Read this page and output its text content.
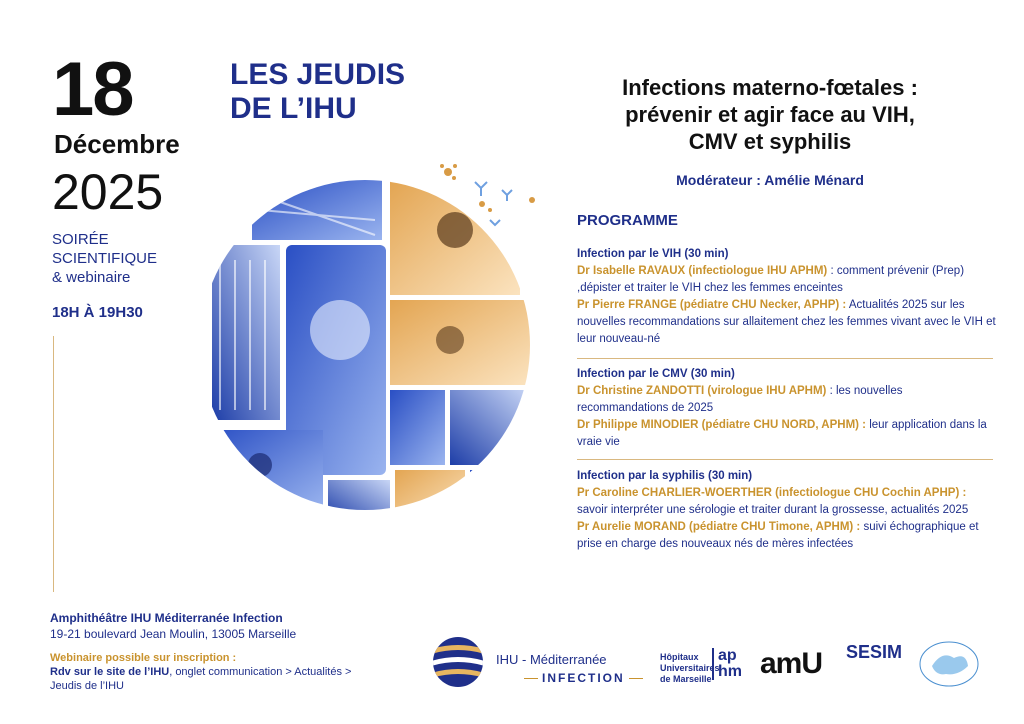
18
Décembre
2025
SOIRÉE
SCIENTIFIQUE
& webinaire
18H À 19H30
LES JEUDIS
DE L’IHU
Infections materno-fœtales :
prévenir et agir face au VIH,
CMV et syphilis
Modérateur : Amélie Ménard
PROGRAMME
Infection par le VIH (30 min)
Dr Isabelle RAVAUX (infectiologue IHU APHM) : comment prévenir (Prep) ,dépister et traiter le VIH chez les femmes enceintes
Pr Pierre FRANGE (pédiatre CHU Necker, APHP) : Actualités 2025 sur les nouvelles recommandations sur allaitement chez les femmes vivant avec le VIH et leur nouveau-né
Infection par le CMV (30 min)
Dr Christine ZANDOTTI (virologue IHU APHM) : les nouvelles recommandations de 2025
Dr Philippe MINODIER (pédiatre CHU NORD, APHM) : leur application dans la vraie vie
Infection par la syphilis (30 min)
Pr Caroline CHARLIER-WOERTHER (infectiologue CHU Cochin APHP) : savoir interpréter une sérologie et traiter durant la grossesse, actualités 2025
Pr Aurelie MORAND (pédiatre CHU Timone, APHM) : suivi échographique et prise en charge des nouveaux nés de mères infectées
Amphithéâtre IHU Méditerranée Infection
19-21 boulevard Jean Moulin, 13005 Marseille
Webinaire possible sur inscription :
Rdv sur le site de l’IHU, onglet communication > Actualités >
Jeudis de l’IHU
IHU - Méditerranée
INFECTION
Hôpitaux
Universitaires
de Marseille
ap
hm amU SESIM
